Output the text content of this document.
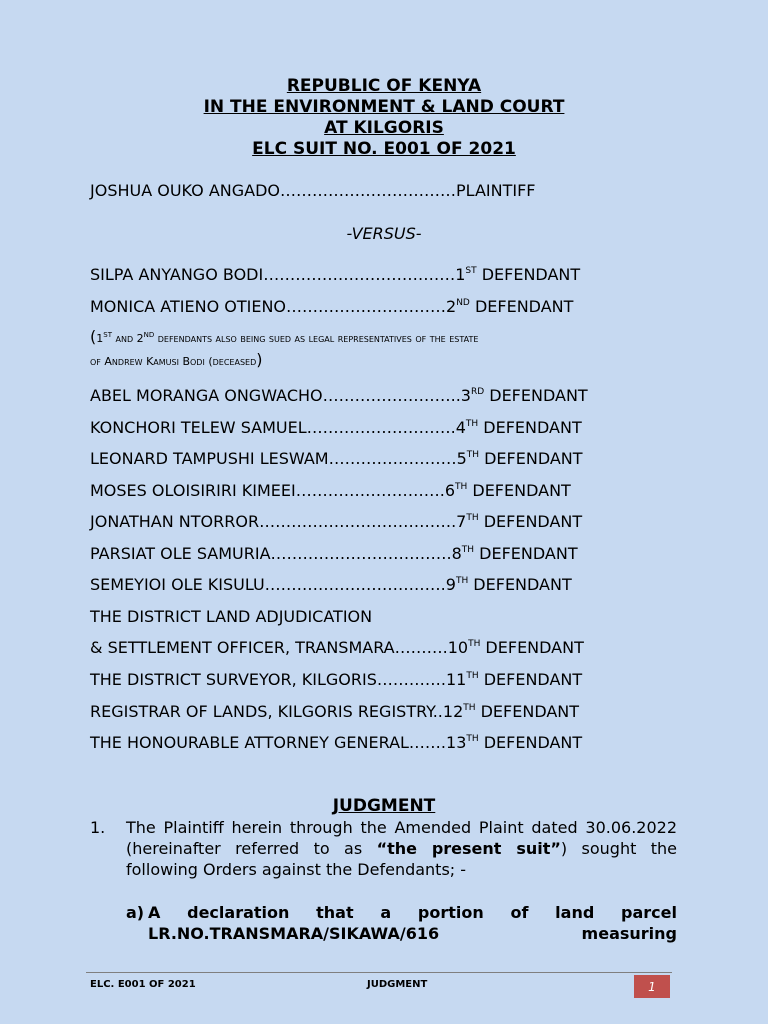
REPUBLIC OF KENYA
IN THE ENVIRONMENT & LAND COURT
AT KILGORIS
ELC SUIT NO. E001 OF 2021
JOSHUA OUKO ANGADO……………………………PLAINTIFF
-VERSUS-
SILPA ANYANGO BODI………………………………1ST DEFENDANT
MONICA ATIENO OTIENO…………………………2ND DEFENDANT
(1ST and 2ND defendants also being sued as legal representatives of the estate
of Andrew Kamusi Bodi (deceased)
ABEL MORANGA ONGWACHO……………………..3RD DEFENDANT
KONCHORI TELEW SAMUEL……………………….4TH DEFENDANT
LEONARD TAMPUSHI LESWAM……………………5TH DEFENDANT
MOSES OLOISIRIRI KIMEEI……………………….6TH DEFENDANT
JONATHAN NTORROR……………………………….7TH DEFENDANT
PARSIAT OLE SAMURIA…………………………….8TH DEFENDANT
SEMEYIOI OLE KISULU…………………………….9TH DEFENDANT
THE DISTRICT LAND ADJUDICATION
& SETTLEMENT OFFICER, TRANSMARA……….10TH DEFENDANT
THE DISTRICT SURVEYOR, KILGORIS………….11TH DEFENDANT
REGISTRAR OF LANDS, KILGORIS REGISTRY..12TH DEFENDANT
THE HONOURABLE ATTORNEY GENERAL…….13TH DEFENDANT
JUDGMENT
1. The Plaintiff herein through the Amended Plaint dated 30.06.2022 (hereinafter referred to as “the present suit”) sought the following Orders against the Defendants; -
a) A declaration that a portion of land parcel
LR.NO.TRANSMARA/SIKAWA/616	measuring
ELC. E001 OF 2021	JUDGMENT	1
